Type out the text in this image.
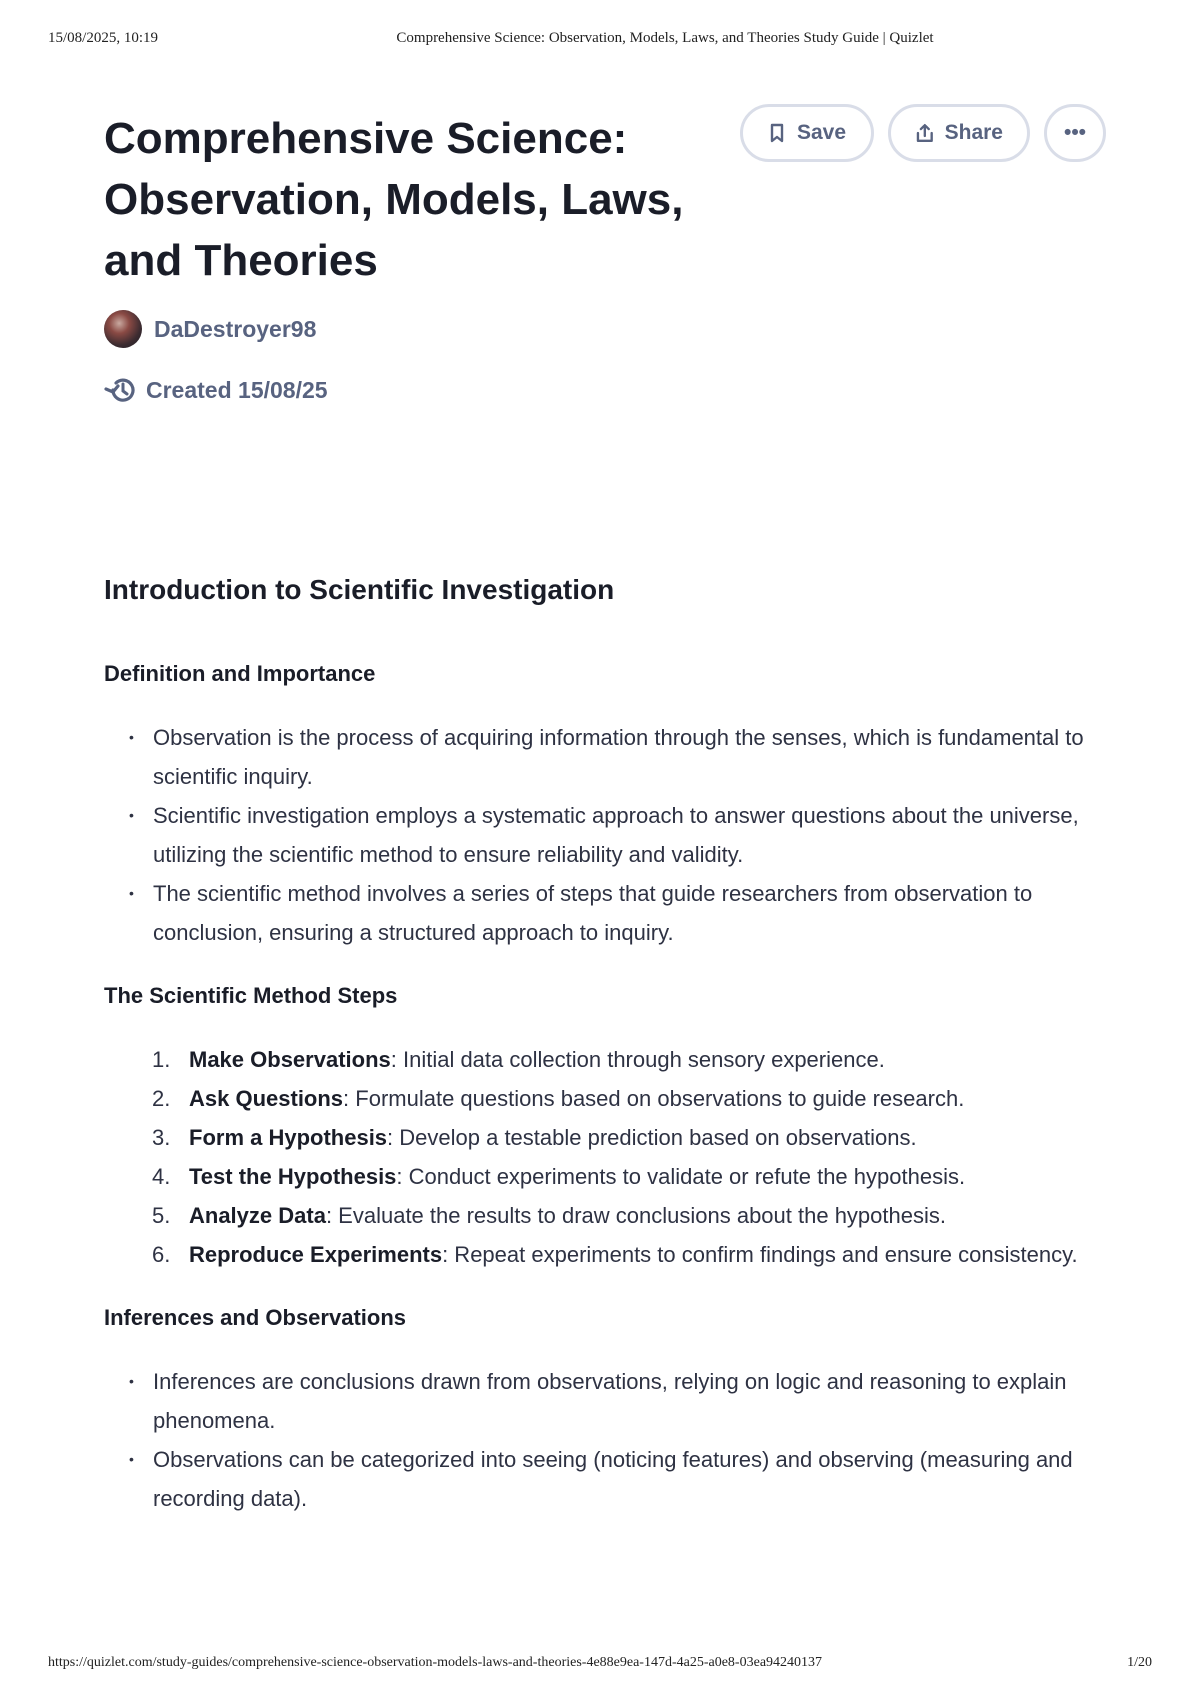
15/08/2025, 10:19	Comprehensive Science: Observation, Models, Laws, and Theories Study Guide | Quizlet
Comprehensive Science: Observation, Models, Laws, and Theories
Save	Share	•••
DaDestroyer98
Created 15/08/25
Introduction to Scientific Investigation
Definition and Importance
• Observation is the process of acquiring information through the senses, which is fundamental to scientific inquiry.
• Scientific investigation employs a systematic approach to answer questions about the universe, utilizing the scientific method to ensure reliability and validity.
• The scientific method involves a series of steps that guide researchers from observation to conclusion, ensuring a structured approach to inquiry.
The Scientific Method Steps
1. Make Observations: Initial data collection through sensory experience.
2. Ask Questions: Formulate questions based on observations to guide research.
3. Form a Hypothesis: Develop a testable prediction based on observations.
4. Test the Hypothesis: Conduct experiments to validate or refute the hypothesis.
5. Analyze Data: Evaluate the results to draw conclusions about the hypothesis.
6. Reproduce Experiments: Repeat experiments to confirm findings and ensure consistency.
Inferences and Observations
• Inferences are conclusions drawn from observations, relying on logic and reasoning to explain phenomena.
• Observations can be categorized into seeing (noticing features) and observing (measuring and recording data).
https://quizlet.com/study-guides/comprehensive-science-observation-models-laws-and-theories-4e88e9ea-147d-4a25-a0e8-03ea94240137	1/20
